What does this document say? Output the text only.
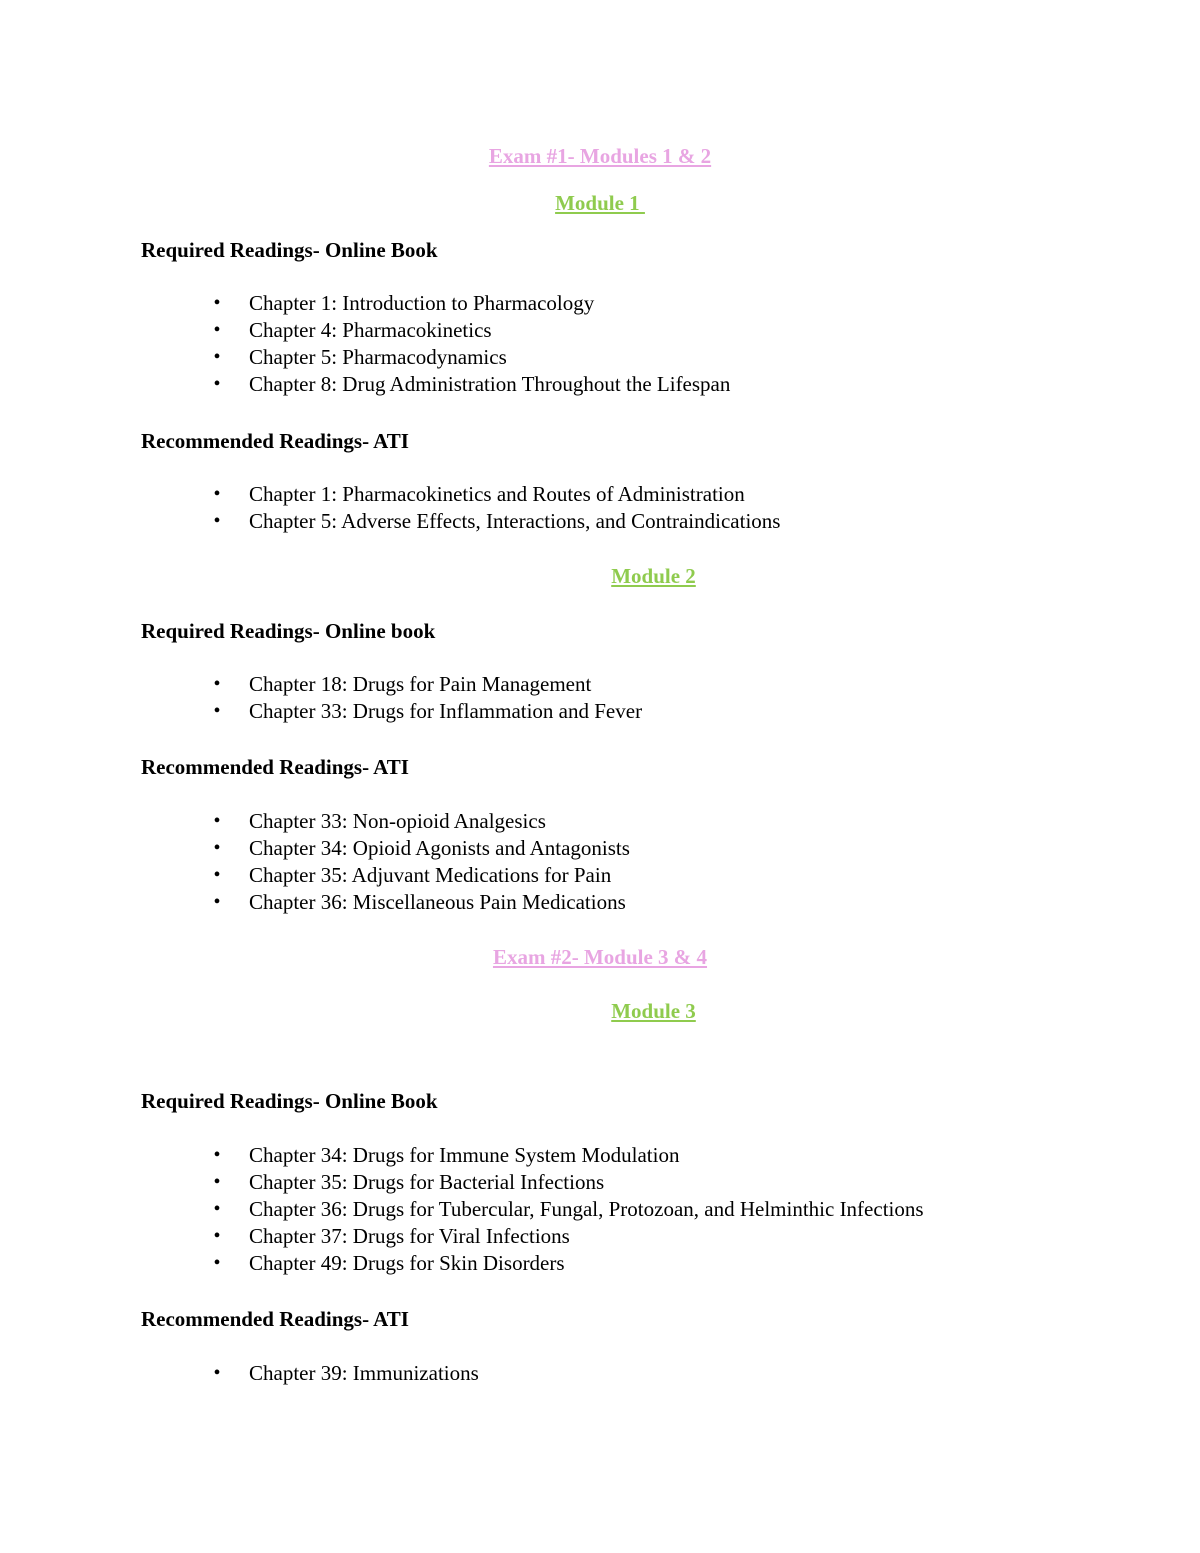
Exam #1- Modules 1 & 2
Module 1
Required Readings- Online Book
• Chapter 1: Introduction to Pharmacology
• Chapter 4: Pharmacokinetics
• Chapter 5: Pharmacodynamics
• Chapter 8: Drug Administration Throughout the Lifespan
Recommended Readings- ATI
• Chapter 1: Pharmacokinetics and Routes of Administration
• Chapter 5: Adverse Effects, Interactions, and Contraindications
Module 2
Required Readings- Online book
• Chapter 18: Drugs for Pain Management
• Chapter 33: Drugs for Inflammation and Fever
Recommended Readings- ATI
• Chapter 33: Non-opioid Analgesics
• Chapter 34: Opioid Agonists and Antagonists
• Chapter 35: Adjuvant Medications for Pain
• Chapter 36: Miscellaneous Pain Medications
Exam #2- Module 3 & 4
Module 3
Required Readings- Online Book
• Chapter 34: Drugs for Immune System Modulation
• Chapter 35: Drugs for Bacterial Infections
• Chapter 36: Drugs for Tubercular, Fungal, Protozoan, and Helminthic Infections
• Chapter 37: Drugs for Viral Infections
• Chapter 49: Drugs for Skin Disorders
Recommended Readings- ATI
• Chapter 39: Immunizations
